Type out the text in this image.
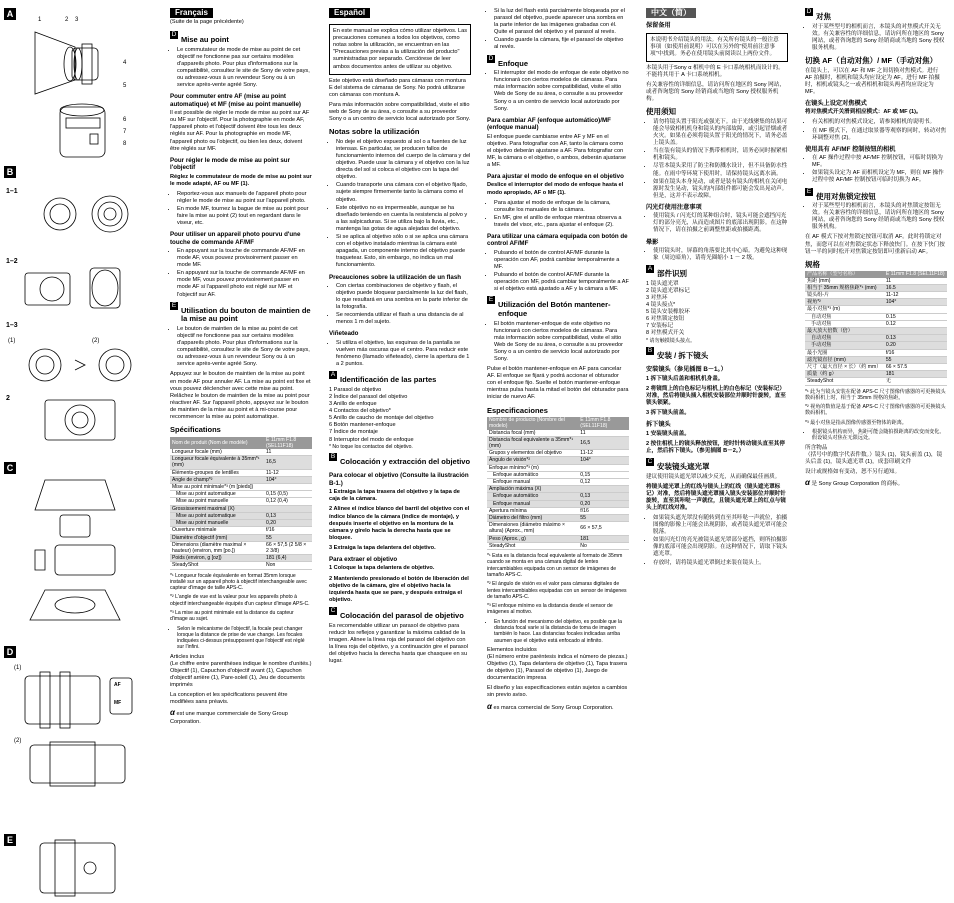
A
1	2 3
4
5
6
7
8
B
1–1
1–2
1–3
(1)	(2)
2
C
D
(1)
AF
MF
(2)
E
Français
(Suite de la page précédente)
D
Mise au point
• Le commutateur de mode de mise au point de cet objectif ne fonctionne pas sur certains modèles d'appareils photo. Pour plus d'informations sur la compatibilité, consultez le site de Sony de votre pays, ou adressez-vous à un revendeur Sony ou à un service après-vente agréé Sony.
Pour commuter entre AF (mise au point automatique) et MF (mise au point manuelle)

Il est possible de régler le mode de mise au point sur AF ou MF sur l'objectif. Pour la photographie en mode AF, l'appareil photo et l'objectif doivent être tous les deux réglés sur AF. Pour la photographie en mode MF, l'appareil photo ou l'objectif, ou bien les deux, doivent être réglés sur MF.

Pour régler le mode de mise au point sur l'objectif

Réglez le commutateur de mode de mise au point sur le mode adapté, AF ou MF (1).

• Reportez-vous aux manuels de l'appareil photo pour régler le mode de mise au point sur l'appareil photo.
• En mode MF, tournez la bague de mise au point pour faire la mise au point (2) tout en regardant dans le viseur, etc.
Pour utiliser un appareil photo pourvu d'une touche de commande AF/MF
• En appuyant sur la touche de commande AF/MF en mode AF, vous pouvez provisoirement passer en mode MF.
• En appuyant sur la touche de commande AF/MF en mode MF, vous pouvez provisoirement passer en mode AF si l'appareil photo est réglé sur MF et l'objectif sur AF.
E
Utilisation du bouton de maintien de la mise au point
• Le bouton de maintien de la mise au point de cet objectif ne fonctionne pas sur certains modèles d'appareils photo. Pour plus d'informations sur la compatibilité, consultez le site de Sony de votre pays, ou adressez-vous à un revendeur Sony ou à un service après-vente agréé Sony.

Appuyez sur le bouton de maintien de la mise au point en mode AF pour annuler AF. La mise au point est fixe et vous pouvez déclencher avec cette mise au point. Relâchez le bouton de maintien de la mise au point pour réactiver AF. Sur l'appareil photo, appuyez sur le bouton de maintien de la mise au point et à mi-course pour recommencer la mise au point automatique.

Spécifications
Nom de produit (Nom de modèle)	E 11mm F1.8 (SEL11F18)
Longueur focale (mm)	11
Longueur focale équivalente à 35mm*¹ (mm)	16,5
Éléments-groupes de lentilles	11-12
Angle de champ*²	104°
Mise au point minimale*³ (m [pieds])	
Mise au point automatique	0,15 (0,5)
Mise au point manuelle	0,12 (0,4)
Grossissement maximal (X)	
Mise au point automatique	0,13
Mise au point manuelle	0,20
Ouverture minimale	f/16
Diamètre d'objectif (mm)	55
Dimensions (diamètre maximal × hauteur) (environ, mm [po.])	66 × 57,5 (2 5/8 × 2 3/8)
Poids (environ, g [oz])	181 (6,4)
SteadyShot	Non

*¹ Longueur focale équivalente en format 35mm lorsque installé sur un appareil photo à objectif interchangeable avec capteur d'image de taille APS-C.

*² L'angle de vue est la valeur pour les appareils photo à objectif interchangeable équipés d'un capteur d'image APS-C.

*³ La mise au point minimale est la distance du capteur d'image au sujet.

• Selon le mécanisme de l'objectif, la focale peut changer lorsque la distance de prise de vue change. Les focales indiquées ci-dessus présupposent que l'objectif est réglé sur l'infini.

Articles inclus

(Le chiffre entre parenthèses indique le nombre d'unités.) Objectif (1), Capuchon d'objectif avant (1), Capuchon d'objectif arrière (1), Pare-soleil (1), Jeu de documents imprimés

La conception et les spécifications peuvent être modifiées sans préavis.

α est une marque commerciale de Sony Group Corporation.

Español
En este manual se explica cómo utilizar objetivos. Las precauciones comunes a todos los objetivos, como notas sobre la utilización, se encuentran en las "Precauciones previas a la utilización del producto" suministradas por separado. Cerciórese de leer ambos documentos antes de utilizar su objetivo.

Este objetivo está diseñado para cámaras con montura E del sistema de cámaras de Sony. No podrá utilizarse con cámaras con montura A.

Para más información sobre compatibilidad, visite el sitio web de Sony de su área, o consulte a su proveedor Sony o a un centro de servicio local autorizado por Sony.

Notas sobre la utilización
• No deje el objetivo expuesto al sol o a fuentes de luz intensas. En particular, se producen fallos de funcionamiento internos del cuerpo de la cámara y del objetivo. Puede usar la cámara y el objetivo con la luz directa del sol si coloca el objetivo con la tapa del objetivo.
• Cuando transporte una cámara con el objetivo fijado, sujete siempre firmemente tanto la cámara como el objetivo.
• Este objetivo no es impermeable, aunque se ha diseñado teniendo en cuenta la resistencia al polvo y a las salpicaduras. Si se utiliza bajo la lluvia, etc., mantenga las gotas de agua alejadas del objetivo.
• Si se aplica al objetivo sólo o si se aplica una cámara con el objetivo instalado mientras la cámara esté apagada, un componente interno del objetivo puede traquetear. Esto, sin embargo, no indica un mal funcionamiento.
Precauciones sobre la utilización de un flash
• Con ciertas combinaciones de objetivo y flash, el objetivo puede bloquear parcialmente la luz del flash, lo que resultará en una sombra en la parte inferior de la fotografía.
• Se recomienda utilizar el flash a una distancia de al menos 1 m del sujeto.
Viñeteado
• Si utiliza el objetivo, las esquinas de la pantalla se vuelven más oscuras que el centro. Para reducir este fenómeno (llamado viñeteado), cierre la apertura de 1 a 2 puntos.
A
Identificación de las partes
1 Parasol de objetivo
2 Índice del parasol del objetivo
3 Anillo de enfoque
4 Contactos del objetivo*
5 Anillo de caucho de montaje del objetivo
6 Botón mantener-enfoque
7 Índice de montaje
8 Interruptor del modo de enfoque

* No toque los contactos del objetivo.

B
Colocación y extracción del objetivo
Para colocar el objetivo (Consulte la ilustración B-1.)

1 Extraiga la tapa trasera del objetivo y la tapa de caja de la cámara.

2 Alinee el índice blanco del barril del objetivo con el índice blanco de la cámara (índice de montaje), y después inserte el objetivo en la montura de la cámara y gírelo hacia la derecha hasta que se bloquee.

3 Extraiga la tapa delantera del objetivo.

Para extraer el objetivo

1 Coloque la tapa delantera de objetivo.

2 Manteniendo presionado el botón de liberación del objetivo de la cámara, gire el objetivo hacia la izquierda hasta que se pare, y después extraiga el objetivo.

C
Colocación del parasol de objetivo

Es recomendable utilizar un parasol de objetivo para reducir los reflejos y garantizar la máxima calidad de la imagen. Alinee la línea roja del parasol del objetivo con la línea roja del objetivo, y a continuación gire el parasol del objetivo hacia la derecha hasta que chasquee en su lugar.

• Si la luz del flash está parcialmente bloqueada por el parasol del objetivo, puede aparecer una sombra en la parte inferior de las imágenes grabadas con él. Quite el parasol del objetivo y el parasol al revés.
• Cuando guarde la cámara, fije el parasol de objetivo al revés.
D
Enfoque
• El interruptor del modo de enfoque de este objetivo no funcionará con ciertos modelos de cámaras. Para más información sobre compatibilidad, visite el sitio Web de Sony de su área, o consulte a su proveedor Sony o a un centro de servicio local autorizado por Sony.
Para cambiar AF (enfoque automático)/MF (enfoque manual)

El enfoque puede cambiarse entre AF y MF en el objetivo. Para fotografiar con AF, tanto la cámara como el objetivo deberán ajustarse a AF. Para fotografiar con MF, la cámara o el objetivo, o ambos, deberán ajustarse a MF.

Para ajustar el modo de enfoque en el objetivo

Deslice el interruptor del modo de enfoque hasta el modo apropiado, AF o MF (1).

• Para ajustar el modo de enfoque de la cámara, consulte los manuales de la cámara.
• En MF, gire el anillo de enfoque mientras observa a través del visor, etc., para ajustar el enfoque (2).
Para utilizar una cámara equipada con botón de control AF/MF
• Pulsando el botón de control AF/MF durante la operación con AF, podrá cambiar temporalmente a MF.
• Pulsando el botón de control AF/MF durante la operación con MF, podrá cambiar temporalmente a AF si el objetivo está ajustado a AF y la cámara a MF.
E
Utilización del Botón mantener-enfoque
• El botón mantener-enfoque de este objetivo no funcionará con ciertos modelos de cámaras. Para más información sobre compatibilidad, visite el sitio Web de Sony de su área, o consulte a su proveedor Sony o a un centro de servicio local autorizado por Sony.

Pulse el botón mantener-enfoque en AF para cancelar AF. El enfoque se fijará y podrá accionar el obturador con el enfoque fijo. Suelte el botón mantener-enfoque mientras pulsa hasta la mitad el botón del obturador para iniciar de nuevo AF.

Especificaciones
Nombre de producto (Nombre del modelo)	E 11mm F1.8 (SEL11F18)
Distancia focal (mm)	11
Distancia focal equivalente a 35mm*¹ (mm)	16,5
Grupos y elementos del objetivo	11-12
Ángulo de visión*²	104°
Enfoque mínimo*³ (m)	
Enfoque automático	0,15
Enfoque manual	0,12
Ampliación máxima (X)	
Enfoque automático	0,13
Enfoque manual	0,20
Apertura mínima	f/16
Diámetro del filtro (mm)	55
Dimensiones (diámetro máximo × altura) (Aprox., mm)	66 × 57,5
Peso (Aprox., g)	181
SteadyShot	No

*¹ Esta es la distancia focal equivalente al formato de 35mm cuando se monta en una cámara digital de lentes intercambiables equipada con un sensor de imágenes de tamaño APS-C.

*² El ángulo de visión es el valor para cámaras digitales de lentes intercambiables equipadas con un sensor de imágenes de tamaño APS-C.

*³ El enfoque mínimo es la distancia desde el sensor de imágenes al motivo.

• En función del mecanismo del objetivo, es posible que la distancia focal varíe si la distancia de toma de imagen también lo hace. Las distancias focales indicadas arriba asumen que el objetivo está enfocado al infinito.

Elementos incluidos

(El número entre paréntesis indica el número de piezas.) Objetivo (1), Tapa delantera de objetivo (1), Tapa trasera de objetivo (1), Parasol de objetivo (1), Juego de documentación impresa

El diseño y las especificaciones están sujetos a cambios sin previo aviso.

α es marca comercial de Sony Group Corporation.

中文（简）
保留备用
本说明书介绍镜头的用法。有关所有镜头的一般注意事项（如使用前说明）可以在另外的"使用前注意事项"中找到。务必在使用镜头前阅读以上两份文件。

本镜头用于Sony α 相机中的 E 卡口系统相机而设计的。不能将其用于 A 卡口系统相机。

有关兼容性的详细信息，请访问所在地区的 Sony 网站，或者咨询您的 Sony 经销商或当地的 Sony 授权服务机构。

使用须知
• 请勿将镜头置于阳光或强光下。由于光线聚集的结果可能会导致相机机身和镜头的内部故障，或引起冒烟或者火灾。如果在必须将镜头置于阳光的情况下，请务必盖上镜头盖。
• 当在装有镜头的情况下携带相机时，请务必同时握紧相机和镜头。
• 尽管本镜头采用了防尘和防溅水设计，但不具备防水性能。在雨中等环境下使用时，请保持镜头远离水滴。
• 如果在镜头本身晃动，或者是装有镜头的相机在关闭电源时发生晃动，镜头的内部组件都可能会发出晃动声。但是，这并不表示故障。
闪光灯使用注意事项
• 使用镜头 / 闪光灯的某种组合时，镜头可能会遮挡闪光灯的部分亮光，从而造成图片的底部出现阴影。在这种情况下，请在拍摄之前调整焦距或拍摄距离。
晕影
• 使用镜头时，屏幕的角落要比其中心暗。为避免这种现象（周边暗角），请将光圈缩小 1 － 2 级。
A
部件识别
1 镜头遮光罩
2 镜头遮光罩标记
3 对焦环
4 镜头接点*
5 镜头安装橡胶环
6 对焦锁定按钮
7 安装标记
8 对焦模式开关

* 请勿触摸镜头接点。

B
安装 / 拆下镜头
安装镜头（参见插图 B－1。）

1 拆下镜头后盖和相机机身盖。

2 将镜筒上的白色标记与相机上的白色标记（安装标记）对准，然后将镜头插入相机安装部位并顺时针旋转，直至锁头锁紧。

3 拆下镜头前盖。

拆下镜头

1 安装镜头前盖。

2 按住相机上的镜头释放按钮，逆时针转动镜头直至其停止，然后拆下镜头。（参见插图 B－2。）

C
安装镜头遮光罩

建议使用镜头遮光罩以减少反光，从而确保最佳画质。

将镜头遮光罩上的红线与镜头上的红线（镜头遮光罩标记）对准，然后将镜头遮光罩插入镜头安装部位并顺时针旋转，直至其咔哒一声就位，且镜头遮光罩上的红点与镜头上的红线对准。

• 如果镜头遮光罩没有随转到直至其咔哒一声就位，拍摄图像的影像上可能会出现阴影，或者镜头遮光罩可能会脱落。
• 如果闪光灯的亮光被镜头遮光罩部分遮挡，则所拍摄影像的底部可能会出现阴影。在这种情况下，请取下镜头遮光罩。
• 存放时，请将镜头遮光罩倒过来装在镜头上。
D
对焦
• 对于某些型号的相机而言，本镜头的对焦模式开关无效。有关兼容性的详细信息，请访问所在地区的 Sony 网站，或者咨询您的 Sony 经销商或当地的 Sony 授权服务机构。
切换 AF（自动对焦）/ MF（手动对焦）

在镜头上，可以在 AF 和 MF 之间切换对焦模式。进行 AF 拍摄时，相机和镜头均应设定为 AF。进行 MF 拍摄时，相机或镜头之一或者相机和镜头两者均应设定为 MF。

在镜头上设定对焦模式

将对焦模式开关滑到相应模式：AF 或 MF (1)。

• 有关相机的对焦模式设定，请参阅相机的说明书。
• 在 MF 模式下，在通过取景器等观察的同时，转动对焦环调整对焦 (2)。
使用具有 AF/MF 控制按钮的相机
• 在 AF 操作过程中按 AF/MF 控制按钮，可临时切换为 MF。
• 如果镜头设定为 AF 而相机设定为 MF，则在 MF 操作过程中按 AF/MF 控制按钮可临时切换为 AF。
E
使用对焦锁定按钮
• 对于某些型号的相机而言，本镜头的对焦锁定按钮无效。有关兼容性的详细信息，请访问所在地区的 Sony 网站，或者咨询您的 Sony 经销商或当地的 Sony 授权服务机构。

在 AF 模式下按对焦锁定按钮可取消 AF。此时将锁定对焦，而您可以在对焦锁定状态下释放快门。在按下快门按钮一半的同时松开对焦锁定按钮即可重新启动 AF。

规格
产品名称（型号名称）	E 11mm F1.8 (SEL11F18)
焦距 (mm)	11
相当于 35mm 规格焦距*¹ (mm)	16.5
镜头组-片	11-12
视角*²	104°
最小对焦*³ (m)	
自动对焦	0.15
手动对焦	0.12
最大放大倍数（倍）	
自动对焦	0.13
手动对焦	0.20
最小光圈	f/16
滤光镜直径 (mm)	55
尺寸（最大直径 × 长）（约 mm）	66 × 57.5
质量（约 g）	181
SteadyShot	无

*¹ 此为当镜头安装在配备 APS-C 尺寸图像传感器的可更换镜头数码相机上时，相当于 35mm 规格的焦距。

*² 视角的数值是基于配备 APS-C 尺寸图像传感器的可更换镜头数码相机。

*³ 最小对焦是指从图像传感器至物体的距离。

• 根据镜头机构而异，焦距可能会随拍摄距离的改变而变化。假设镜头对焦在无限远处。

所含物品

（括号中的数字代表件数。）镜头 (1)，镜头前盖 (1)，镜头后盖 (1)，镜头遮光罩 (1)，成套印刷文件

设计或规格如有变动，恕不另行通知。

α 是 Sony Group Corporation 的商标。
